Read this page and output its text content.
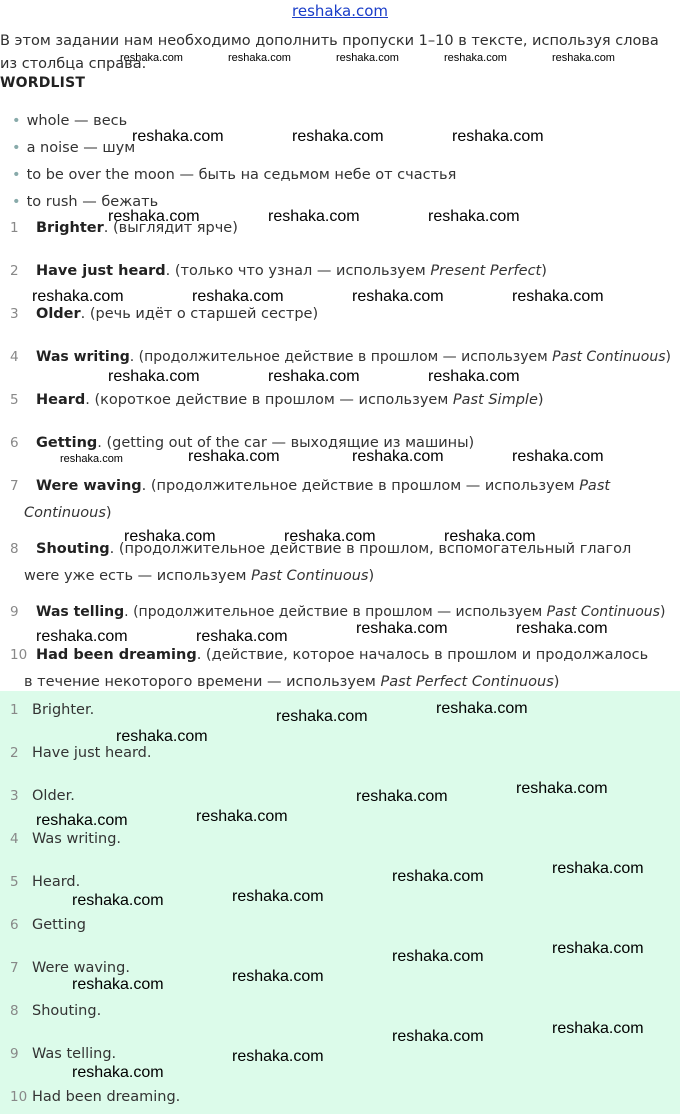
reshaka.com
В этом задании нам необходимо дополнить пропуски 1–10 в тексте, используя слова из столбца справа.
WORDLIST
• whole — весь
• a noise — шум
• to be over the moon — быть на седьмом небе от счастья
• to rush — бежать
1 Brighter. (выглядит ярче)
2 Have just heard. (только что узнал — используем Present Perfect)
3 Older. (речь идёт о старшей сестре)
4 Was writing. (продолжительное действие в прошлом — используем Past Continuous)
5 Heard. (короткое действие в прошлом — используем Past Simple)
6 Getting. (getting out of the car — выходящие из машины)
7	Were waving. (продолжительное действие в прошлом — используем Past Continuous)
8	Shouting. (продолжительное действие в прошлом, вспомогательный глагол were уже есть — используем Past Continuous)
9 Was telling. (продолжительное действие в прошлом — используем Past Continuous)
10 Had been dreaming. (действие, которое началось в прошлом и продолжалось в течение некоторого времени — используем Past Perfect Continuous)
1 Brighter.
2 Have just heard.
3 Older.
4 Was writing.
5 Heard.
6 Getting
7 Were waving.
8 Shouting.
9 Was telling.
10 Had been dreaming.
reshaka.com	reshaka.com	reshaka.com	reshaka.com	reshaka.com
reshaka.com	reshaka.com	reshaka.com
reshaka.com	reshaka.com	reshaka.com
reshaka.com	reshaka.com	reshaka.com	reshaka.com
reshaka.com	reshaka.com	reshaka.com
reshaka.com	reshaka.com	reshaka.com	reshaka.com
reshaka.com	reshaka.com	reshaka.com
reshaka.com	reshaka.com	reshaka.com	reshaka.com
reshaka.com	reshaka.com
reshaka.com
reshaka.com	reshaka.com
reshaka.com	reshaka.com
reshaka.com	reshaka.com
reshaka.com	reshaka.com
reshaka.com	reshaka.com
reshaka.com	reshaka.com
reshaka.com	reshaka.com
reshaka.com
reshaka.com
